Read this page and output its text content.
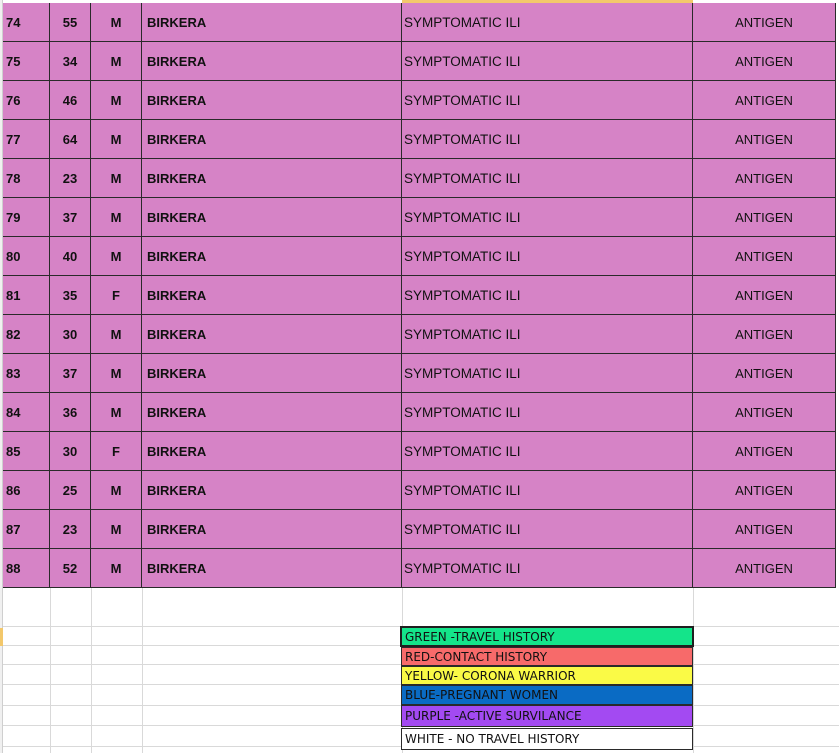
74	55	M	BIRKERA	SYMPTOMATIC ILI	ANTIGEN
75	34	M	BIRKERA	SYMPTOMATIC ILI	ANTIGEN
76	46	M	BIRKERA	SYMPTOMATIC ILI	ANTIGEN
77	64	M	BIRKERA	SYMPTOMATIC ILI	ANTIGEN
78	23	M	BIRKERA	SYMPTOMATIC ILI	ANTIGEN
79	37	M	BIRKERA	SYMPTOMATIC ILI	ANTIGEN
80	40	M	BIRKERA	SYMPTOMATIC ILI	ANTIGEN
81	35	F	BIRKERA	SYMPTOMATIC ILI	ANTIGEN
82	30	M	BIRKERA	SYMPTOMATIC ILI	ANTIGEN
83	37	M	BIRKERA	SYMPTOMATIC ILI	ANTIGEN
84	36	M	BIRKERA	SYMPTOMATIC ILI	ANTIGEN
85	30	F	BIRKERA	SYMPTOMATIC ILI	ANTIGEN
86	25	M	BIRKERA	SYMPTOMATIC ILI	ANTIGEN
87	23	M	BIRKERA	SYMPTOMATIC ILI	ANTIGEN
88	52	M	BIRKERA	SYMPTOMATIC ILI	ANTIGEN
GREEN -TRAVEL HISTORY
RED-CONTACT HISTORY
YELLOW- CORONA WARRIOR
BLUE-PREGNANT WOMEN
PURPLE -ACTIVE SURVILANCE
WHITE - NO TRAVEL HISTORY
